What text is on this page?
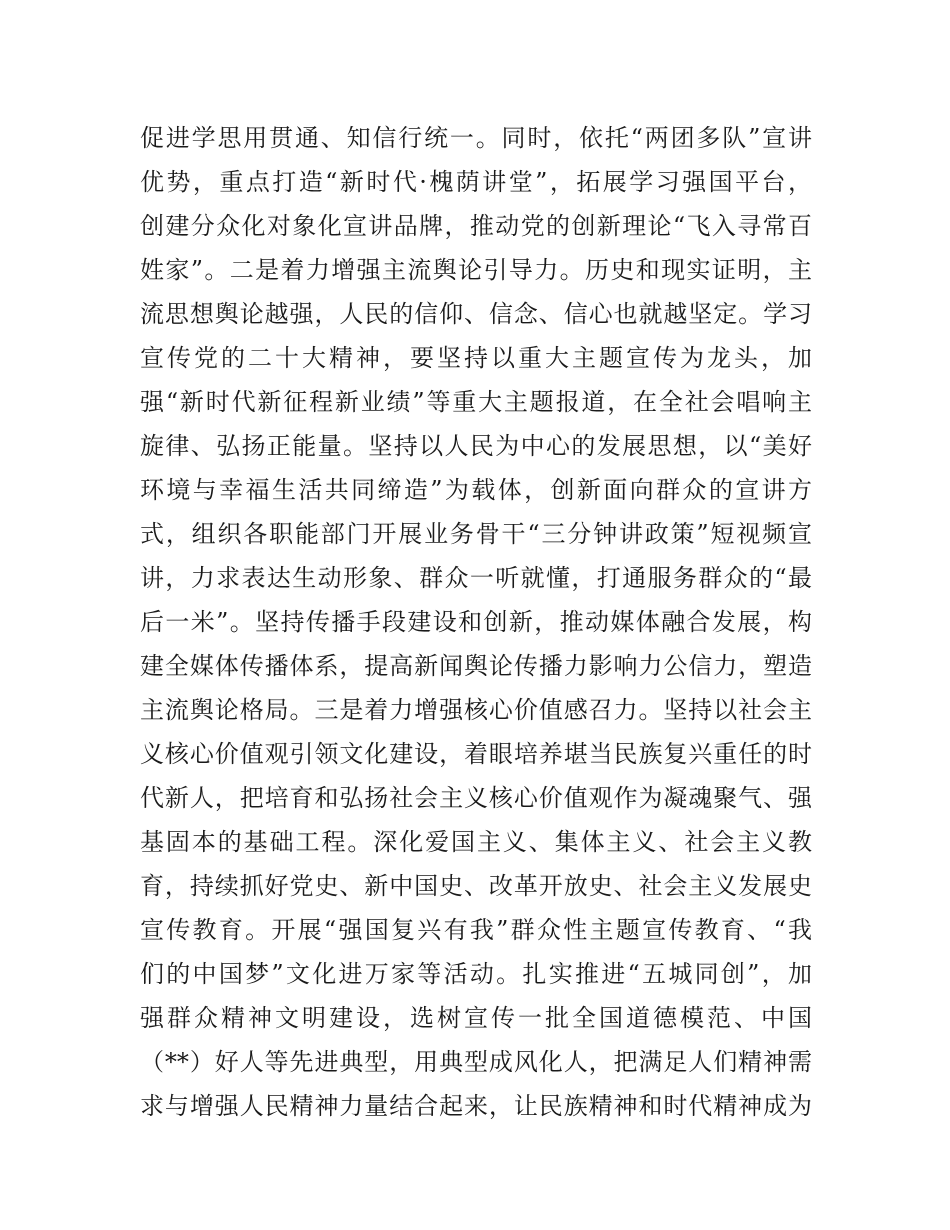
促进学思用贯通、知信行统一。同时，依托“两团多队”宣讲
优势，重点打造“新时代·槐荫讲堂”，拓展学习强国平台，
创建分众化对象化宣讲品牌，推动党的创新理论“飞入寻常百
姓家”。二是着力增强主流舆论引导力。历史和现实证明，主
流思想舆论越强，人民的信仰、信念、信心也就越坚定。学习
宣传党的二十大精神，要坚持以重大主题宣传为龙头，加
强“新时代新征程新业绩”等重大主题报道，在全社会唱响主
旋律、弘扬正能量。坚持以人民为中心的发展思想，以“美好
环境与幸福生活共同缔造”为载体，创新面向群众的宣讲方
式，组织各职能部门开展业务骨干“三分钟讲政策”短视频宣
讲，力求表达生动形象、群众一听就懂，打通服务群众的“最
后一米”。坚持传播手段建设和创新，推动媒体融合发展，构
建全媒体传播体系，提高新闻舆论传播力影响力公信力，塑造
主流舆论格局。三是着力增强核心价值感召力。坚持以社会主
义核心价值观引领文化建设，着眼培养堪当民族复兴重任的时
代新人，把培育和弘扬社会主义核心价值观作为凝魂聚气、强
基固本的基础工程。深化爱国主义、集体主义、社会主义教
育，持续抓好党史、新中国史、改革开放史、社会主义发展史
宣传教育。开展“强国复兴有我”群众性主题宣传教育、“我
们的中国梦”文化进万家等活动。扎实推进“五城同创”，加
强群众精神文明建设，选树宣传一批全国道德模范、中国
（**）好人等先进典型，用典型成风化人，把满足人们精神需
求与增强人民精神力量结合起来，让民族精神和时代精神成为
